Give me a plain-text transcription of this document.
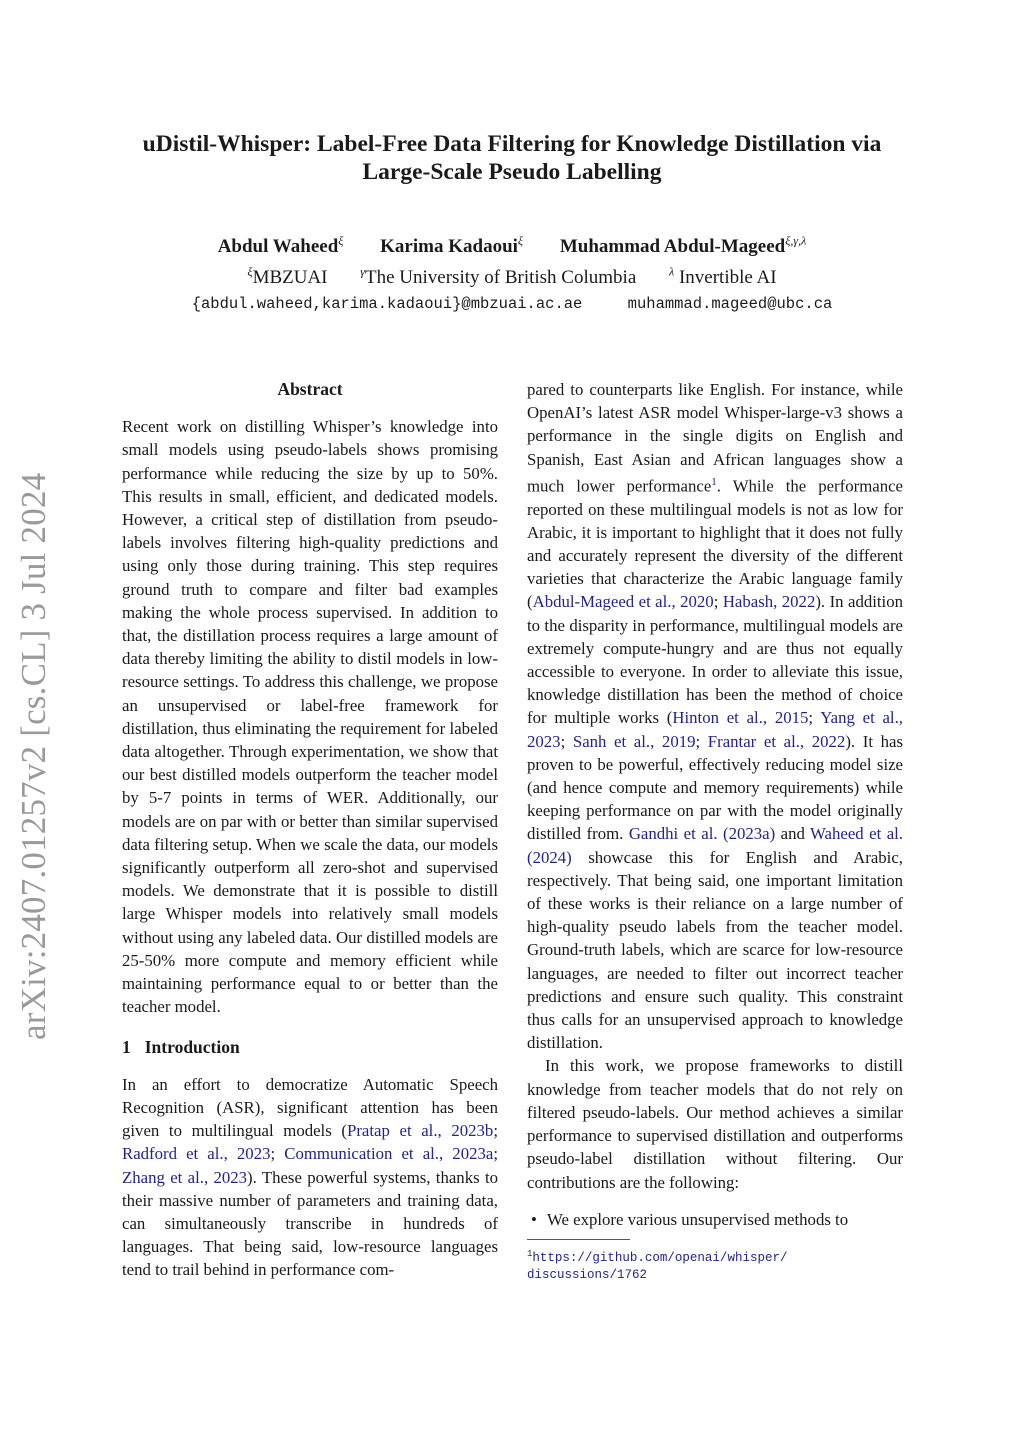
arXiv:2407.01257v2 [cs.CL] 3 Jul 2024
uDistil-Whisper: Label-Free Data Filtering for Knowledge Distillation via
Large-Scale Pseudo Labelling
Abdul Waheed$^\xi$ Karima Kadaoui$^\xi$ Muhammad Abdul-Mageed$^{\xi,\gamma,\lambda}$
$^\xi$MBZUAI	$^\gamma$The University of British Columbia	$^\lambda$ Invertible AI
{abdul.waheed,karima.kadaoui}@mbzuai.ac.ae	muhammad.mageed@ubc.ca
Abstract

Recent work on distilling Whisper’s knowledge into small models using pseudo-labels shows promising performance while reducing the size by up to 50%. This results in small, efficient, and dedicated models. However, a critical step of distillation from pseudo-labels involves filtering high-quality predictions and using only those during training. This step requires ground truth to compare and filter bad examples making the whole process supervised. In addition to that, the distillation process requires a large amount of data thereby limiting the ability to distil models in low-resource settings. To address this challenge, we propose an unsupervised or label-free framework for distillation, thus eliminating the requirement for labeled data altogether. Through experimentation, we show that our best distilled models outperform the teacher model by 5-7 points in terms of WER. Additionally, our models are on par with or better than similar supervised data filtering setup. When we scale the data, our models significantly outperform all zero-shot and supervised models. We demonstrate that it is possible to distill large Whisper models into relatively small models without using any labeled data. Our distilled models are 25-50% more compute and memory efficient while maintaining performance equal to or better than the teacher model.

1 Introduction

In an effort to democratize Automatic Speech Recognition (ASR), significant attention has been given to multilingual models (Pratap et al., 2023b; Radford et al., 2023; Communication et al., 2023a; Zhang et al., 2023). These powerful systems, thanks to their massive number of parameters and training data, can simultaneously transcribe in hundreds of languages. That being said, low-resource languages tend to trail behind in performance com-

pared to counterparts like English. For instance, while OpenAI’s latest ASR model Whisper-large-v3 shows a performance in the single digits on English and Spanish, East Asian and African languages show a much lower performance$^1$. While the performance reported on these multilingual models is not as low for Arabic, it is important to highlight that it does not fully and accurately represent the diversity of the different varieties that characterize the Arabic language family (Abdul-Mageed et al., 2020; Habash, 2022). In addition to the disparity in performance, multilingual models are extremely compute-hungry and are thus not equally accessible to everyone. In order to alleviate this issue, knowledge distillation has been the method of choice for multiple works (Hinton et al., 2015; Yang et al., 2023; Sanh et al., 2019; Frantar et al., 2022). It has proven to be powerful, effectively reducing model size (and hence compute and memory requirements) while keeping performance on par with the model originally distilled from. Gandhi et al. (2023a) and Waheed et al. (2024) showcase this for English and Arabic, respectively. That being said, one important limitation of these works is their reliance on a large number of high-quality pseudo labels from the teacher model. Ground-truth labels, which are scarce for low-resource languages, are needed to filter out incorrect teacher predictions and ensure such quality. This constraint thus calls for an unsupervised approach to knowledge distillation.

In this work, we propose frameworks to distill knowledge from teacher models that do not rely on filtered pseudo-labels. Our method achieves a similar performance to supervised distillation and outperforms pseudo-label distillation without filtering. Our contributions are the following:

• We explore various unsupervised methods to
$^1$https://github.com/openai/whisper/
discussions/1762
